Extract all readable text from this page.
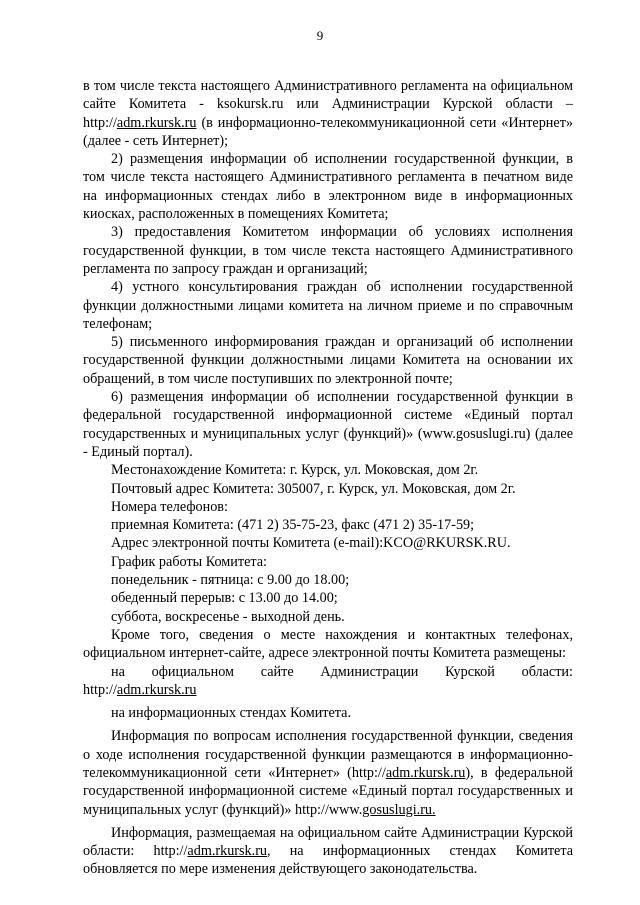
9

в том числе текста настоящего Административного регламента на официальном сайте Комитета - ksokursk.ru или Администрации Курской области – http://adm.rkursk.ru (в информационно-телекоммуникационной сети «Интернет» (далее - сеть Интернет);

2) размещения информации об исполнении государственной функции, в том числе текста настоящего Административного регламента в печатном виде на информационных стендах либо в электронном виде в информационных киосках, расположенных в помещениях Комитета;

3) предоставления Комитетом информации об условиях исполнения государственной функции, в том числе текста настоящего Административного регламента по запросу граждан и организаций;

4) устного консультирования граждан об исполнении государственной функции должностными лицами комитета на личном приеме и по справочным телефонам;

5) письменного информирования граждан и организаций об исполнении государственной функции должностными лицами Комитета на основании их обращений, в том числе поступивших по электронной почте;

6) размещения информации об исполнении государственной функции в федеральной государственной информационной системе «Единый портал государственных и муниципальных услуг (функций)» (www.gosuslugi.ru) (далее - Единый портал).

Местонахождение Комитета: г. Курск, ул. Моковская, дом 2г.

Почтовый адрес Комитета: 305007, г. Курск, ул. Моковская, дом 2г.

Номера телефонов:

приемная Комитета: (471 2) 35-75-23, факс (471 2) 35-17-59;

Адрес электронной почты Комитета (e-mail):KCO@RKURSK.RU.

График работы Комитета:

понедельник - пятница: с 9.00 до 18.00;

обеденный перерыв: с 13.00 до 14.00;

суббота, воскресенье - выходной день.

Кроме того, сведения о месте нахождения и контактных телефонах, официальном интернет-сайте, адресе электронной почты Комитета размещены:

на официальном сайте Администрации Курской области:

http://adm.rkursk.ru

на информационных стендах Комитета.

Информация по вопросам исполнения государственной функции, сведения о ходе исполнения государственной функции размещаются в информационно-телекоммуникационной сети «Интернет» (http://adm.rkursk.ru), в федеральной государственной информационной системе «Единый портал государственных и муниципальных услуг (функций)» http://www.gosuslugi.ru.

Информация, размещаемая на официальном сайте Администрации Курской области: http://adm.rkursk.ru, на информационных стендах Комитета обновляется по мере изменения действующего законодательства.
